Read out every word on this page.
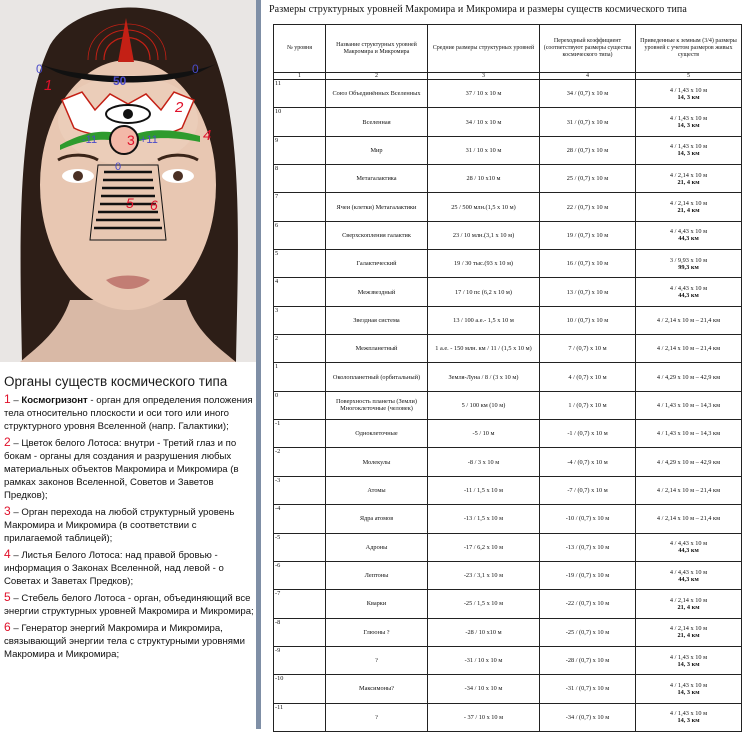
0	0
50
1
2
-11 3 +11	4
0
5 6
Органы существ космического типа
1 – Космогризонт - орган для определения положения тела относительно плоскости и оси того или иного структурного уровня Вселенной (напр. Галактики);
2 – Цветок белого Лотоса: внутри - Третий глаз и по бокам - органы для создания и разрушения любых материальных объектов Макромира и Микромира (в рамках законов Вселенной, Советов и Заветов Предков);
3 – Орган перехода на любой структурный уровень Макромира и Микромира (в соответствии с прилагаемой таблицей);
4 – Листья Белого Лотоса: над правой бровью - информация о Законах Вселенной, над левой - о Советах и Заветах Предков);
5 – Стебель белого Лотоса - орган, объединяющий все энергии структурных уровней Макромира и Микромира;
6 – Генератор энергий Макромира и Микромира, связывающий энергии тела с структурными уровнями Макромира и Микромира;
Размеры структурных уровней Макромира и Микромира и размеры существ космического типа
№ уровня	Название структурных уровней Макромира и Микромира	Средние размеры структурных уровней	Переходный коэффициент (соответствуют размеры существа космического типа)	Приведенные к земным (3/4) размеры уровней с учетом размеров живых существ
1	2	3	4	5
11	Союз Объединённых Вселенных	37 / 10 х 10 м	34 / (0,7) х 10 м	4 / 1,43 х 10 м
14, 3 км
10	Вселенная	34 / 10 х 10 м	31 / (0,7) х 10 м	4 / 1,43 х 10 м
14, 3 км
9	Мир	31 / 10 х 10 м	28 / (0,7) х 10 м	4 / 1,43 х 10 м
14, 3 км
8	Метагалактика	28 / 10 х10 м	25 / (0,7) х 10 м	4 / 2,14 х 10 м
21, 4 км
7	Ячеи (клетки) Метагалактики	25 / 500 млн.(1,5 х 10 м)	22 / (0,7) х 10 м	4 / 2,14 х 10 м
21, 4 км
6	Сверхскопления галактик	23 / 10 млн.(3,1 х 10 м)	19 / (0,7) х 10 м	4 / 4,43 х 10 м
44,3 км
5	Галактический	19 / 30 тыс.(93 х 10 м)	16 / (0,7) х 10 м	3 / 9,93 х 10 м
99,3 км
4	Межзвездный	17 / 10 пс (6,2 х 10 м)	13 / (0,7) х 10 м	4 / 4,43 х 10 м
44,3 км
3	Звездная система	13 / 100 а.е.- 1,5 х 10 м	10 / (0,7) х 10 м	4 / 2,14 х 10 м – 21,4 км
2	Межпланетный	1 а.е. - 150 млн. км / 11 / (1,5 х 10 м)	7 / (0,7) х 10 м	4 / 2,14 х 10 м – 21,4 км
1	Околопланетный (орбитальный)	Земля-Луна / 8 / (3 х 10 м)	4 / (0,7) х 10 м	4 / 4,29 х 10 м – 42,9 км
0	Поверхность планеты (Земли) Многоклеточные (человек)	5 / 100 км (10 м)	1 / (0,7) х 10 м	4 / 1,43 х 10 м – 14,3 км
-1	Одноклеточные	-5 / 10 м	-1 / (0,7) х 10 м	4 / 1,43 х 10 м – 14,3 км
-2	Молекулы	-8 / 3 х 10 м	-4 / (0,7) х 10 м	4 / 4,29 х 10 м – 42,9 км
-3	Атомы	-11 / 1,5 х 10 м	-7 / (0,7) х 10 м	4 / 2,14 х 10 м – 21,4 км
-4	Ядра атомов	-13 / 1,5 х 10 м	-10 / (0,7) х 10 м	4 / 2,14 х 10 м – 21,4 км
-5	Адроны	-17 / 6,2 х 10 м	-13 / (0,7) х 10 м	4 / 4,43 х 10 м
44,3 км
-6	Лептоны	-23 / 3,1 х 10 м	-19 / (0,7) х 10 м	4 / 4,43 х 10 м
44,3 км
-7	Кварки	-25 / 1,5 х 10 м	-22 / (0,7) х 10 м	4 / 2,14 х 10 м
21, 4 км
-8	Глюоны ?	-28 / 10 х10 м	-25 / (0,7) х 10 м	4 / 2,14 х 10 м
21, 4 км
-9	?	-31 / 10 х 10 м	-28 / (0,7) х 10 м	4 / 1,43 х 10 м
14, 3 км
-10	Максимоны?	-34 / 10 х 10 м	-31 / (0,7) х 10 м	4 / 1,43 х 10 м
14, 3 км
-11	?	- 37 / 10 х 10 м	-34 / (0,7) х 10 м	4 / 1,43 х 10 м
14, 3 км
